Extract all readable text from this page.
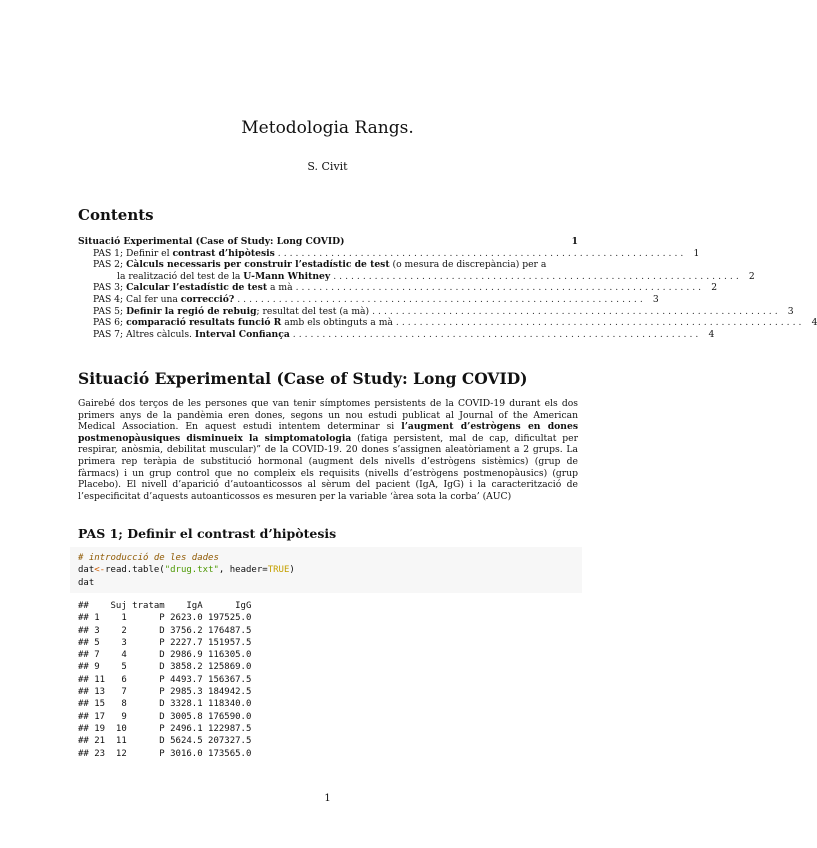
Metodologia Rangs.
S. Civit
Contents
Situació Experimental (Case of Study: Long COVID)	1
PAS 1; Definir el contrast d’hipòtesis ..................................................................... 1
PAS 2; Càlculs necessaris per construir l’estadístic de test (o mesura de discrepància) per a
la realització del test de la U-Mann Whitney ..................................................................... 2
PAS 3; Calcular l’estadístic de test a mà ..................................................................... 2
PAS 4; Cal fer una correcció? ..................................................................... 3
PAS 5; Definir la regió de rebuig; resultat del test (a mà) ..................................................................... 3
PAS 6; comparació resultats funció R amb els obtinguts a mà ..................................................................... 4
PAS 7; Altres càlculs. Interval Confiança ..................................................................... 4
Situació Experimental (Case of Study: Long COVID)
Gairebé dos terços de les persones que van tenir símptomes persistents de la COVID-19 durant els dos primers anys de la pandèmia eren dones, segons un nou estudi publicat al Journal of the American Medical Association. En aquest estudi intentem determinar si l’augment d’estrògens en dones postmenopàusiques disminueix la simptomatologia (fatiga persistent, mal de cap, dificultat per respirar, anòsmia, debilitat muscular)” de la COVID-19. 20 dones s’assignen aleatòriament a 2 grups. La primera rep teràpia de substitució hormonal (augment dels nivells d’estrògens sistèmics) (grup de fàrmacs) i un grup control que no compleix els requisits (nivells d’estrògens postmenopàusics) (grup Placebo). El nivell d’aparició d’autoanticossos al sèrum del pacient (IgA, IgG) i la caracterització de l’especificitat d’aquests autoanticossos es mesuren per la variable ‘àrea sota la corba’ (AUC)
PAS 1; Definir el contrast d’hipòtesis
# introducció de les dades
dat<-read.table("drug.txt", header=TRUE)
dat
##    Suj tratam    IgA      IgG
## 1    1      P 2623.0 197525.0
## 3    2      D 3756.2 176487.5
## 5    3      P 2227.7 151957.5
## 7    4      D 2986.9 116305.0
## 9    5      D 3858.2 125869.0
## 11   6      P 4493.7 156367.5
## 13   7      P 2985.3 184942.5
## 15   8      D 3328.1 118340.0
## 17   9      D 3005.8 176590.0
## 19  10      P 2496.1 122987.5
## 21  11      D 5624.5 207327.5
## 23  12      P 3016.0 173565.0
1
